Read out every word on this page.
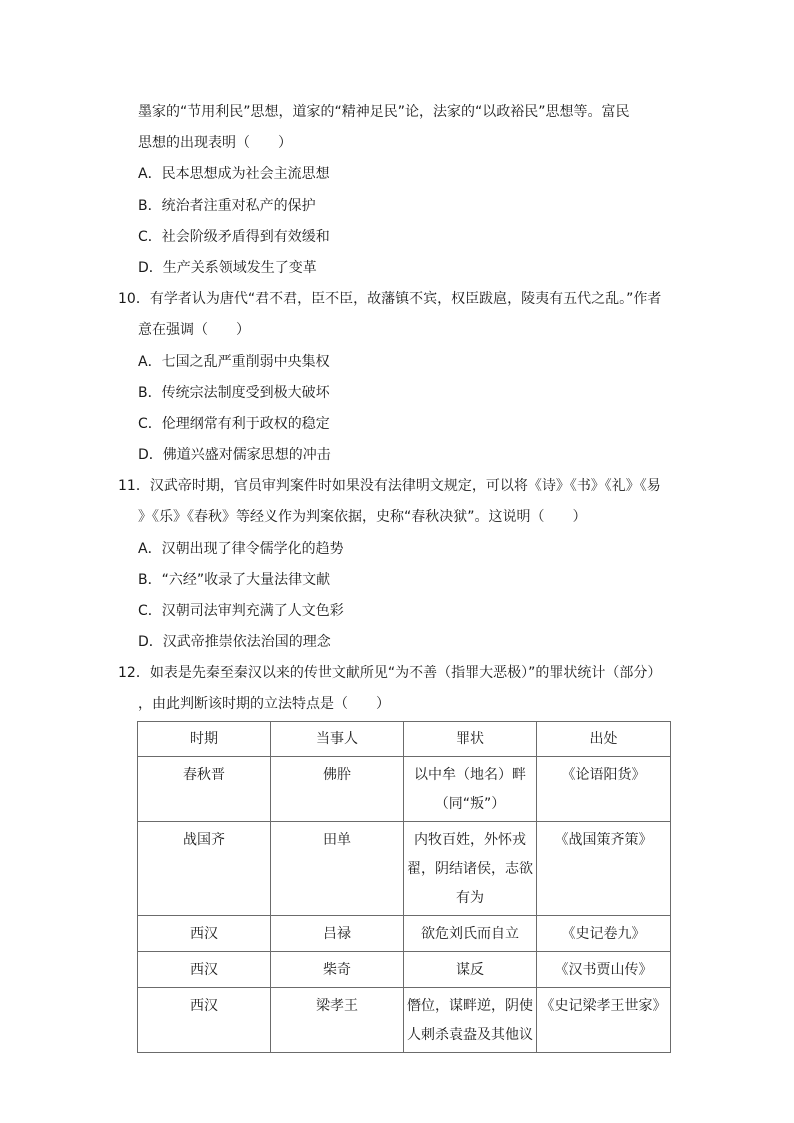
墨家的“节用利民”思想，道家的“精神足民”论，法家的“以政裕民”思想等。富民
思想的出现表明（　　）
A．民本思想成为社会主流思想
B．统治者注重对私产的保护
C．社会阶级矛盾得到有效缓和
D．生产关系领域发生了变革
10．有学者认为唐代“君不君，臣不臣，故藩镇不宾，权臣跋扈，陵夷有五代之乱。”作者
意在强调（　　）
A．七国之乱严重削弱中央集权
B．传统宗法制度受到极大破坏
C．伦理纲常有利于政权的稳定
D．佛道兴盛对儒家思想的冲击
11．汉武帝时期，官员审判案件时如果没有法律明文规定，可以将《诗》《书》《礼》《易
》《乐》《春秋》等经义作为判案依据，史称“春秋决狱”。这说明（　　）
A．汉朝出现了律令儒学化的趋势
B．“六经”收录了大量法律文献
C．汉朝司法审判充满了人文色彩
D．汉武帝推崇依法治国的理念
12．如表是先秦至秦汉以来的传世文献所见“为不善（指罪大恶极）”的罪状统计（部分）
，由此判断该时期的立法特点是（　　）
时期	当事人	罪状	出处
春秋晋	佛肸	以中牟（地名）畔（同“叛”）	《论语阳货》
战国齐	田单	内牧百姓，外怀戎翟，阴结诸侯，志欲有为	《战国策齐策》
西汉	吕禄	欲危刘氏而自立	《史记卷九》
西汉	柴奇	谋反	《汉书贾山传》
西汉	梁孝王	僭位，谋畔逆，阴使人刺杀袁盎及其他议	《史记梁孝王世家》
